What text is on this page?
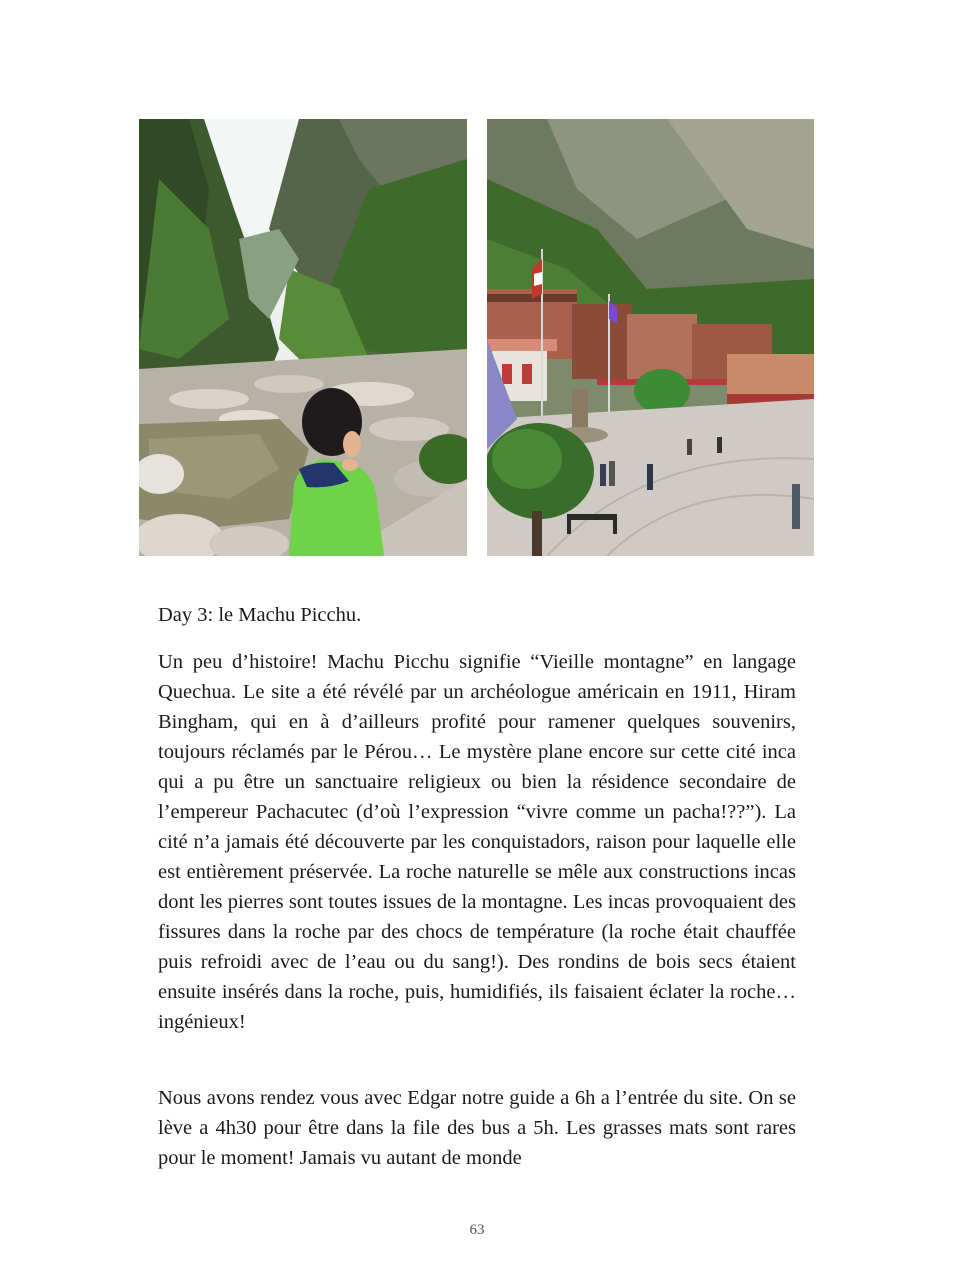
Day 3: le Machu Picchu.
Un peu d’histoire! Machu Picchu signifie “Vieille montagne” en langage Quechua. Le site a été révélé par un archéologue américain en 1911, Hiram Bingham, qui en à d’ailleurs profité pour ramener quelques souvenirs, toujours réclamés par le Pérou… Le mystère plane encore sur cette cité inca qui a pu être un sanctuaire religieux ou bien la résidence secondaire de l’empereur Pachacutec (d’où l’expression “vivre comme un pacha!??”). La cité n’a jamais été découverte par les conquistadors, raison pour laquelle elle est entièrement préservée. La roche naturelle se mêle aux constructions incas dont les pierres sont toutes issues de la montagne. Les incas provoquaient des fissures dans la roche par des chocs de température (la roche était chauffée puis refroidi avec de l’eau ou du sang!). Des rondins de bois secs étaient ensuite insérés dans la roche, puis, humidifiés, ils faisaient éclater la roche…ingénieux!
Nous avons rendez vous avec Edgar notre guide a 6h a l’entrée du site. On se lève a 4h30 pour être dans la file des bus a 5h. Les grasses mats sont rares pour le moment! Jamais vu autant de monde
63
